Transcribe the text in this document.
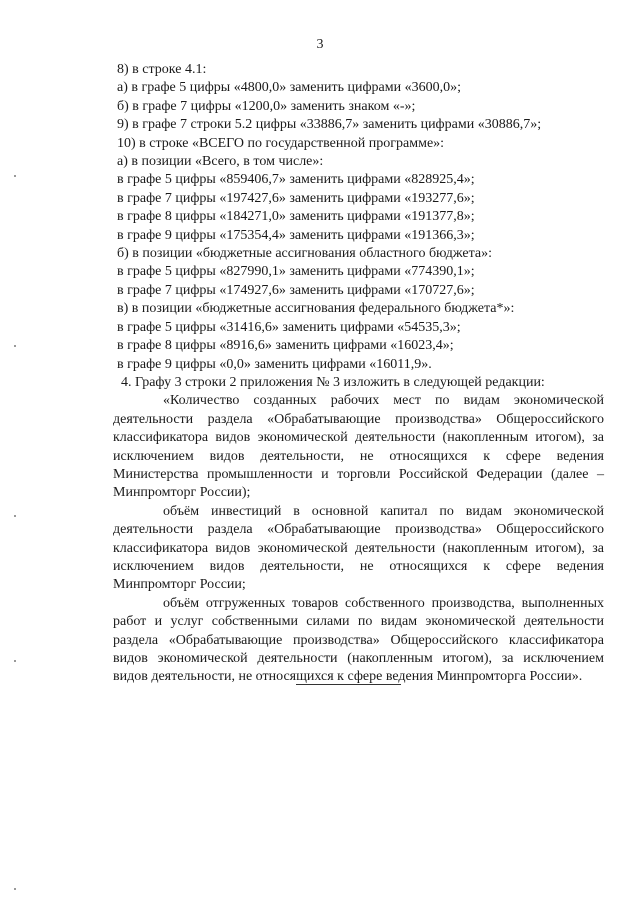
3
8) в строке 4.1:
а) в графе 5 цифры «4800,0» заменить цифрами «3600,0»;
б) в графе 7 цифры «1200,0» заменить знаком «-»;
9) в графе 7 строки 5.2 цифры «33886,7» заменить цифрами «30886,7»;
10) в строке «ВСЕГО по государственной программе»:
а) в позиции «Всего, в том числе»:
в графе 5 цифры «859406,7» заменить цифрами «828925,4»;
в графе 7 цифры «197427,6» заменить цифрами «193277,6»;
в графе 8 цифры «184271,0» заменить цифрами «191377,8»;
в графе 9 цифры «175354,4» заменить цифрами «191366,3»;
б) в позиции «бюджетные ассигнования областного бюджета»:
в графе 5 цифры «827990,1» заменить цифрами «774390,1»;
в графе 7 цифры «174927,6» заменить цифрами «170727,6»;
в) в позиции «бюджетные ассигнования федерального бюджета*»:
в графе 5 цифры «31416,6» заменить цифрами «54535,3»;
в графе 8 цифры «8916,6» заменить цифрами «16023,4»;
в графе 9 цифры «0,0» заменить цифрами «16011,9».
4. Графу 3 строки 2 приложения № 3 изложить в следующей редакции:

«Количество созданных рабочих мест по видам экономической деятельности раздела «Обрабатывающие производства» Общероссийского классификатора видов экономической деятельности (накопленным итогом), за исключением видов деятельности, не относящихся к сфере ведения Министерства промышленности и торговли Российской Федерации (далее – Минпромторг России);

объём инвестиций в основной капитал по видам экономической деятельности раздела «Обрабатывающие производства» Общероссийского классификатора видов экономической деятельности (накопленным итогом), за исключением видов деятельности, не относящихся к сфере ведения Минпромторг России;

объём отгруженных товаров собственного производства, выполненных работ и услуг собственными силами по видам экономической деятельности раздела «Обрабатывающие производства» Общероссийского классификатора видов экономической деятельности (накопленным итогом), за исключением видов деятельности, не относящихся к сфере ведения Минпромторга России».
